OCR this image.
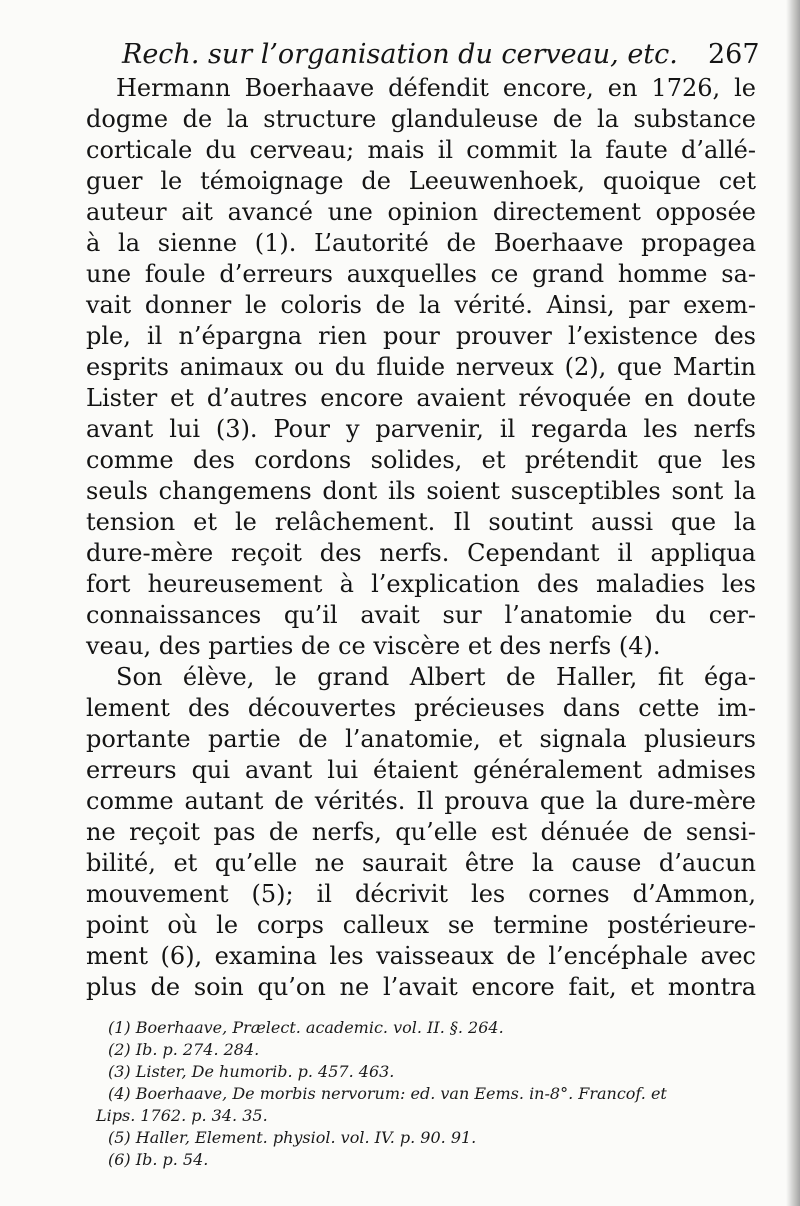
Rech. sur l’organisation du cerveau, etc.	267
Hermann Boerhaave défendit encore, en 1726, le
dogme de la structure glanduleuse de la substance
corticale du cerveau; mais il commit la faute d’allé-
guer le témoignage de Leeuwenhoek, quoique cet
auteur ait avancé une opinion directement opposée
à la sienne (1). L’autorité de Boerhaave propagea
une foule d’erreurs auxquelles ce grand homme sa-
vait donner le coloris de la vérité. Ainsi, par exem-
ple, il n’épargna rien pour prouver l’existence des
esprits animaux ou du fluide nerveux (2), que Martin
Lister et d’autres encore avaient révoquée en doute
avant lui (3). Pour y parvenir, il regarda les nerfs
comme des cordons solides, et prétendit que les
seuls changemens dont ils soient susceptibles sont la
tension et le relâchement. Il soutint aussi que la
dure-mère reçoit des nerfs. Cependant il appliqua
fort heureusement à l’explication des maladies les
connaissances qu’il avait sur l’anatomie du cer-
veau, des parties de ce viscère et des nerfs (4).
Son élève, le grand Albert de Haller, fit éga-
lement des découvertes précieuses dans cette im-
portante partie de l’anatomie, et signala plusieurs
erreurs qui avant lui étaient généralement admises
comme autant de vérités. Il prouva que la dure-mère
ne reçoit pas de nerfs, qu’elle est dénuée de sensi-
bilité, et qu’elle ne saurait être la cause d’aucun
mouvement (5); il décrivit les cornes d’Ammon,
point où le corps calleux se termine postérieure-
ment (6), examina les vaisseaux de l’encéphale avec
plus de soin qu’on ne l’avait encore fait, et montra
(1) Boerhaave, Prælect. academic. vol. II. §. 264.
(2) Ib. p. 274. 284.
(3) Lister, De humorib. p. 457. 463.
(4) Boerhaave, De morbis nervorum: ed. van Eems. in-8°. Francof. et
Lips. 1762. p. 34. 35.
(5) Haller, Element. physiol. vol. IV. p. 90. 91.
(6) Ib. p. 54.
